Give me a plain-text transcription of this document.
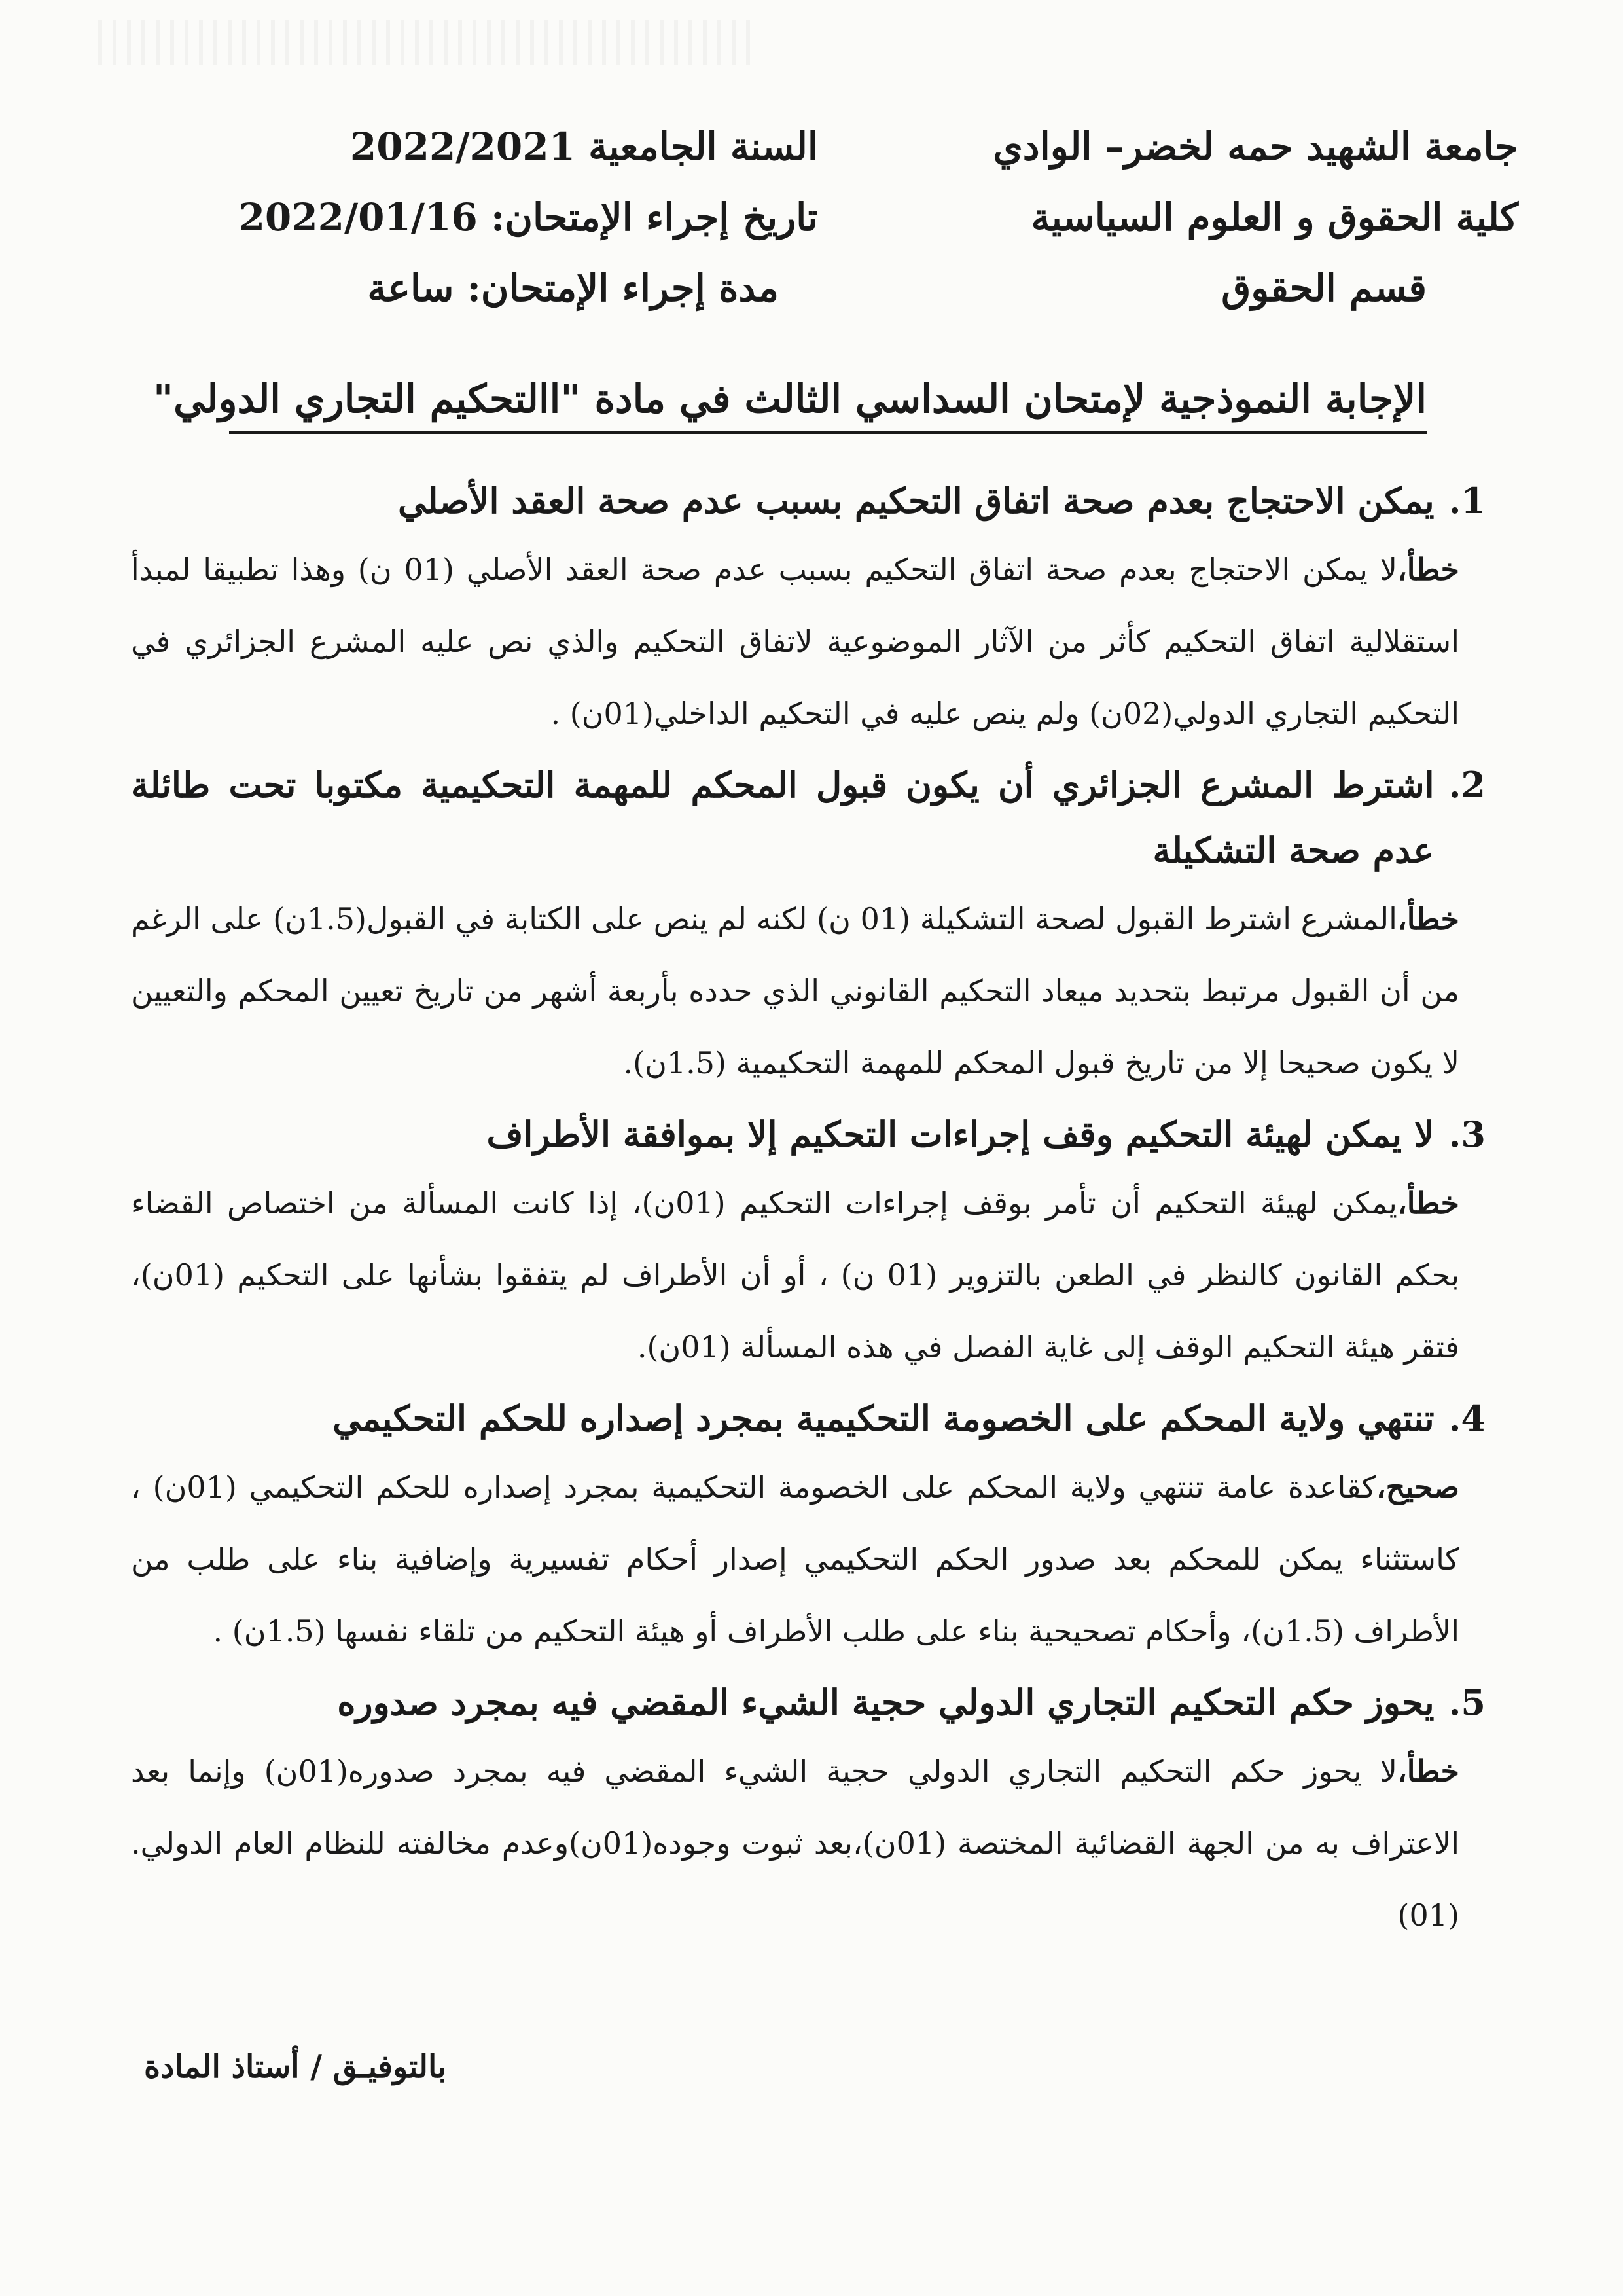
جامعة الشهيد حمه لخضر– الوادي
كلية الحقوق و العلوم السياسية
قسم الحقوق
السنة الجامعية 2022/2021
تاريخ إجراء الإمتحان: 2022/01/16
مدة إجراء الإمتحان: ساعة
الإجابة النموذجية لإمتحان السداسي الثالث في مادة "االتحكيم التجاري الدولي"
1.
يمكن الاحتجاج بعدم صحة اتفاق التحكيم بسبب عدم صحة العقد الأصلي
خطأ،لا يمكن الاحتجاج بعدم صحة اتفاق التحكيم بسبب عدم صحة العقد الأصلي (01 ن) وهذا تطبيقا لمبدأ استقلالية اتفاق التحكيم كأثر من الآثار الموضوعية لاتفاق التحكيم والذي نص عليه المشرع الجزائري في التحكيم التجاري الدولي(02ن) ولم ينص عليه في التحكيم الداخلي(01ن) .
2.
اشترط المشرع الجزائري أن يكون قبول المحكم للمهمة التحكيمية مكتوبا تحت طائلة عدم صحة التشكيلة
خطأ،المشرع اشترط القبول لصحة التشكيلة (01 ن) لكنه لم ينص على الكتابة في القبول(1.5ن) على الرغم من أن القبول مرتبط بتحديد ميعاد التحكيم القانوني الذي حدده بأربعة أشهر من تاريخ تعيين المحكم والتعيين لا يكون صحيحا إلا من تاريخ قبول المحكم للمهمة التحكيمية (1.5ن).
3.
لا يمكن لهيئة التحكيم وقف إجراءات التحكيم إلا بموافقة الأطراف
خطأ،يمكن لهيئة التحكيم أن تأمر بوقف إجراءات التحكيم (01ن)، إذا كانت المسألة من اختصاص القضاء بحكم القانون كالنظر في الطعن بالتزوير (01 ن) ، أو أن الأطراف لم يتفقوا بشأنها على التحكيم (01ن)، فتقر هيئة التحكيم الوقف إلى غاية الفصل في هذه المسألة (01ن).
4.
تنتهي ولاية المحكم على الخصومة التحكيمية بمجرد إصداره للحكم التحكيمي
صحيح،كقاعدة عامة تنتهي ولاية المحكم على الخصومة التحكيمية بمجرد إصداره للحكم التحكيمي (01ن) ، كاستثناء يمكن للمحكم بعد صدور الحكم التحكيمي إصدار أحكام تفسيرية وإضافية بناء على طلب من الأطراف (1.5ن)، وأحكام تصحيحية بناء على طلب الأطراف أو هيئة التحكيم من تلقاء نفسها (1.5ن) .
5.
يحوز حكم التحكيم التجاري الدولي حجية الشيء المقضي فيه بمجرد صدوره
خطأ،لا يحوز حكم التحكيم التجاري الدولي حجية الشيء المقضي فيه بمجرد صدوره(01ن) وإنما بعد الاعتراف به من الجهة القضائية المختصة (01ن)،بعد ثبوت وجوده(01ن)وعدم مخالفته للنظام العام الدولي.(01)
بالتوفيـق / أستاذ المادة
